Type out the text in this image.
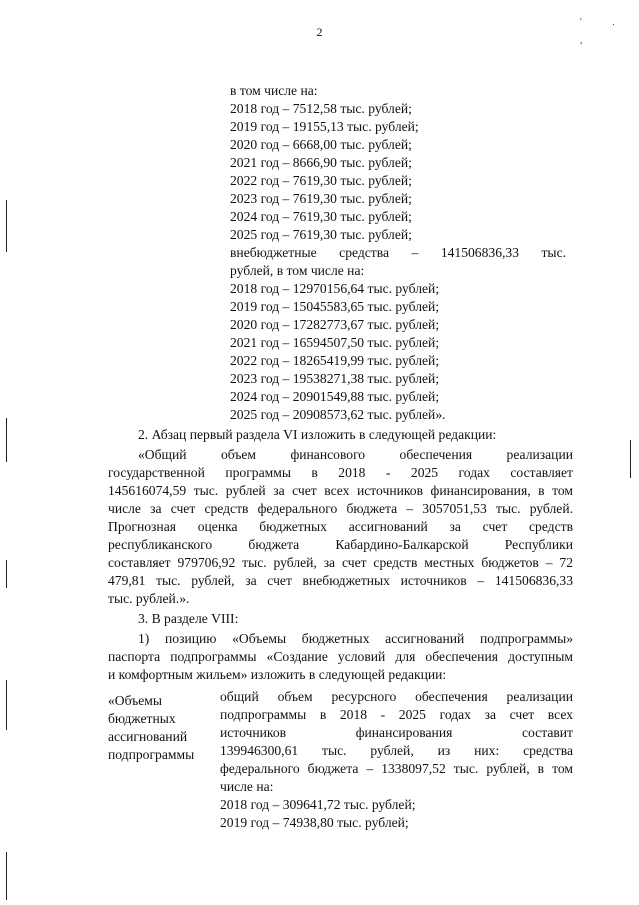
2
' . ,
в том числе на:
2018 год – 7512,58 тыс. рублей;
2019 год – 19155,13 тыс. рублей;
2020 год – 6668,00 тыс. рублей;
2021 год – 8666,90 тыс. рублей;
2022 год – 7619,30 тыс. рублей;
2023 год – 7619,30 тыс. рублей;
2024 год – 7619,30 тыс. рублей;
2025 год – 7619,30 тыс. рублей;
внебюджетные средства – 141506836,33 тыс.
рублей, в том числе на:
2018 год – 12970156,64 тыс. рублей;
2019 год – 15045583,65 тыс. рублей;
2020 год – 17282773,67 тыс. рублей;
2021 год – 16594507,50 тыс. рублей;
2022 год – 18265419,99 тыс. рублей;
2023 год – 19538271,38 тыс. рублей;
2024 год – 20901549,88 тыс. рублей;
2025 год – 20908573,62 тыс. рублей».
2. Абзац первый раздела VI изложить в следующей редакции:
«Общий объем финансового обеспечения реализации
государственной программы в 2018 - 2025 годах составляет
145616074,59 тыс. рублей за счет всех источников финансирования, в том
числе за счет средств федерального бюджета – 3057051,53 тыс. рублей.
Прогнозная оценка бюджетных ассигнований за счет средств
республиканского бюджета Кабардино-Балкарской Республики
составляет 979706,92 тыс. рублей, за счет средств местных бюджетов – 72
479,81 тыс. рублей, за счет внебюджетных источников – 141506836,33
тыс. рублей.».
3. В разделе VIII:
1) позицию «Объемы бюджетных ассигнований подпрограммы»
паспорта подпрограммы «Создание условий для обеспечения доступным
и комфортным жильем» изложить в следующей редакции:
«Объемы
бюджетных
ассигнований
подпрограммы
общий объем ресурсного обеспечения реализации
подпрограммы в 2018 - 2025 годах за счет всех
источников финансирования составит
139946300,61 тыс. рублей, из них: средства
федерального бюджета – 1338097,52 тыс. рублей, в том
числе на:
2018 год – 309641,72 тыс. рублей;
2019 год – 74938,80 тыс. рублей;
